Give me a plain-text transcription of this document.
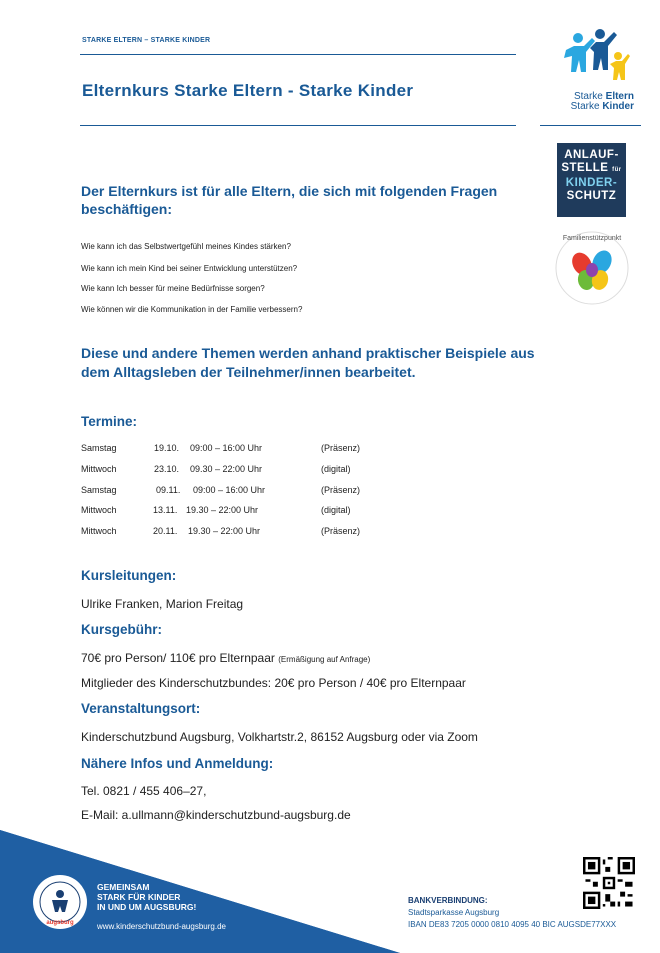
STARKE ELTERN – STARKE KINDER
Elternkurs Starke Eltern - Starke Kinder	Starke Eltern
Starke Kinder
ANLAUF-
STELLE für
KINDER-
SCHUTZ
Familienstützpunkt
Der Elternkurs ist für alle Eltern, die sich mit folgenden Fragen beschäftigen:
Wie kann ich das Selbstwertgefühl meines Kindes stärken?
Wie kann ich mein Kind bei seiner Entwicklung unterstützen?
Wie kann Ich besser für meine Bedürfnisse sorgen?
Wie können wir die Kommunikation in der Familie verbessern?
Diese und andere Themen werden anhand praktischer Beispiele aus dem Alltagsleben der Teilnehmer/innen bearbeitet.
Termine:
Samstag	19.10. 09:00 – 16:00 Uhr	(Präsenz)
Mittwoch	23.10. 09.30 – 22:00 Uhr	(digital)
Samstag	09.11. 09:00 – 16:00 Uhr	(Präsenz)
Mittwoch	13.11. 19.30 – 22:00 Uhr	(digital)
Mittwoch	20.11. 19.30 – 22:00 Uhr	(Präsenz)
Kursleitungen:
Ulrike Franken, Marion Freitag
Kursgebühr:
70€ pro Person/ 110€ pro Elternpaar (Ermäßigung auf Anfrage)
Mitglieder des Kinderschutzbundes: 20€ pro Person / 40€ pro Elternpaar
Veranstaltungsort:
Kinderschutzbund Augsburg, Volkhartstr.2, 86152 Augsburg oder via Zoom
Nähere Infos und Anmeldung:
Tel. 0821 / 455 406–27,
E-Mail: a.ullmann@kinderschutzbund-augsburg.de
augsburg
GEMEINSAM
STARK FÜR KINDER
IN UND UM AUGSBURG!
www.kinderschutzbund-augsburg.de
BANKVERBINDUNG:
Stadtsparkasse Augsburg
IBAN DE83 7205 0000 0810 4095 40 BIC AUGSDE77XXX
